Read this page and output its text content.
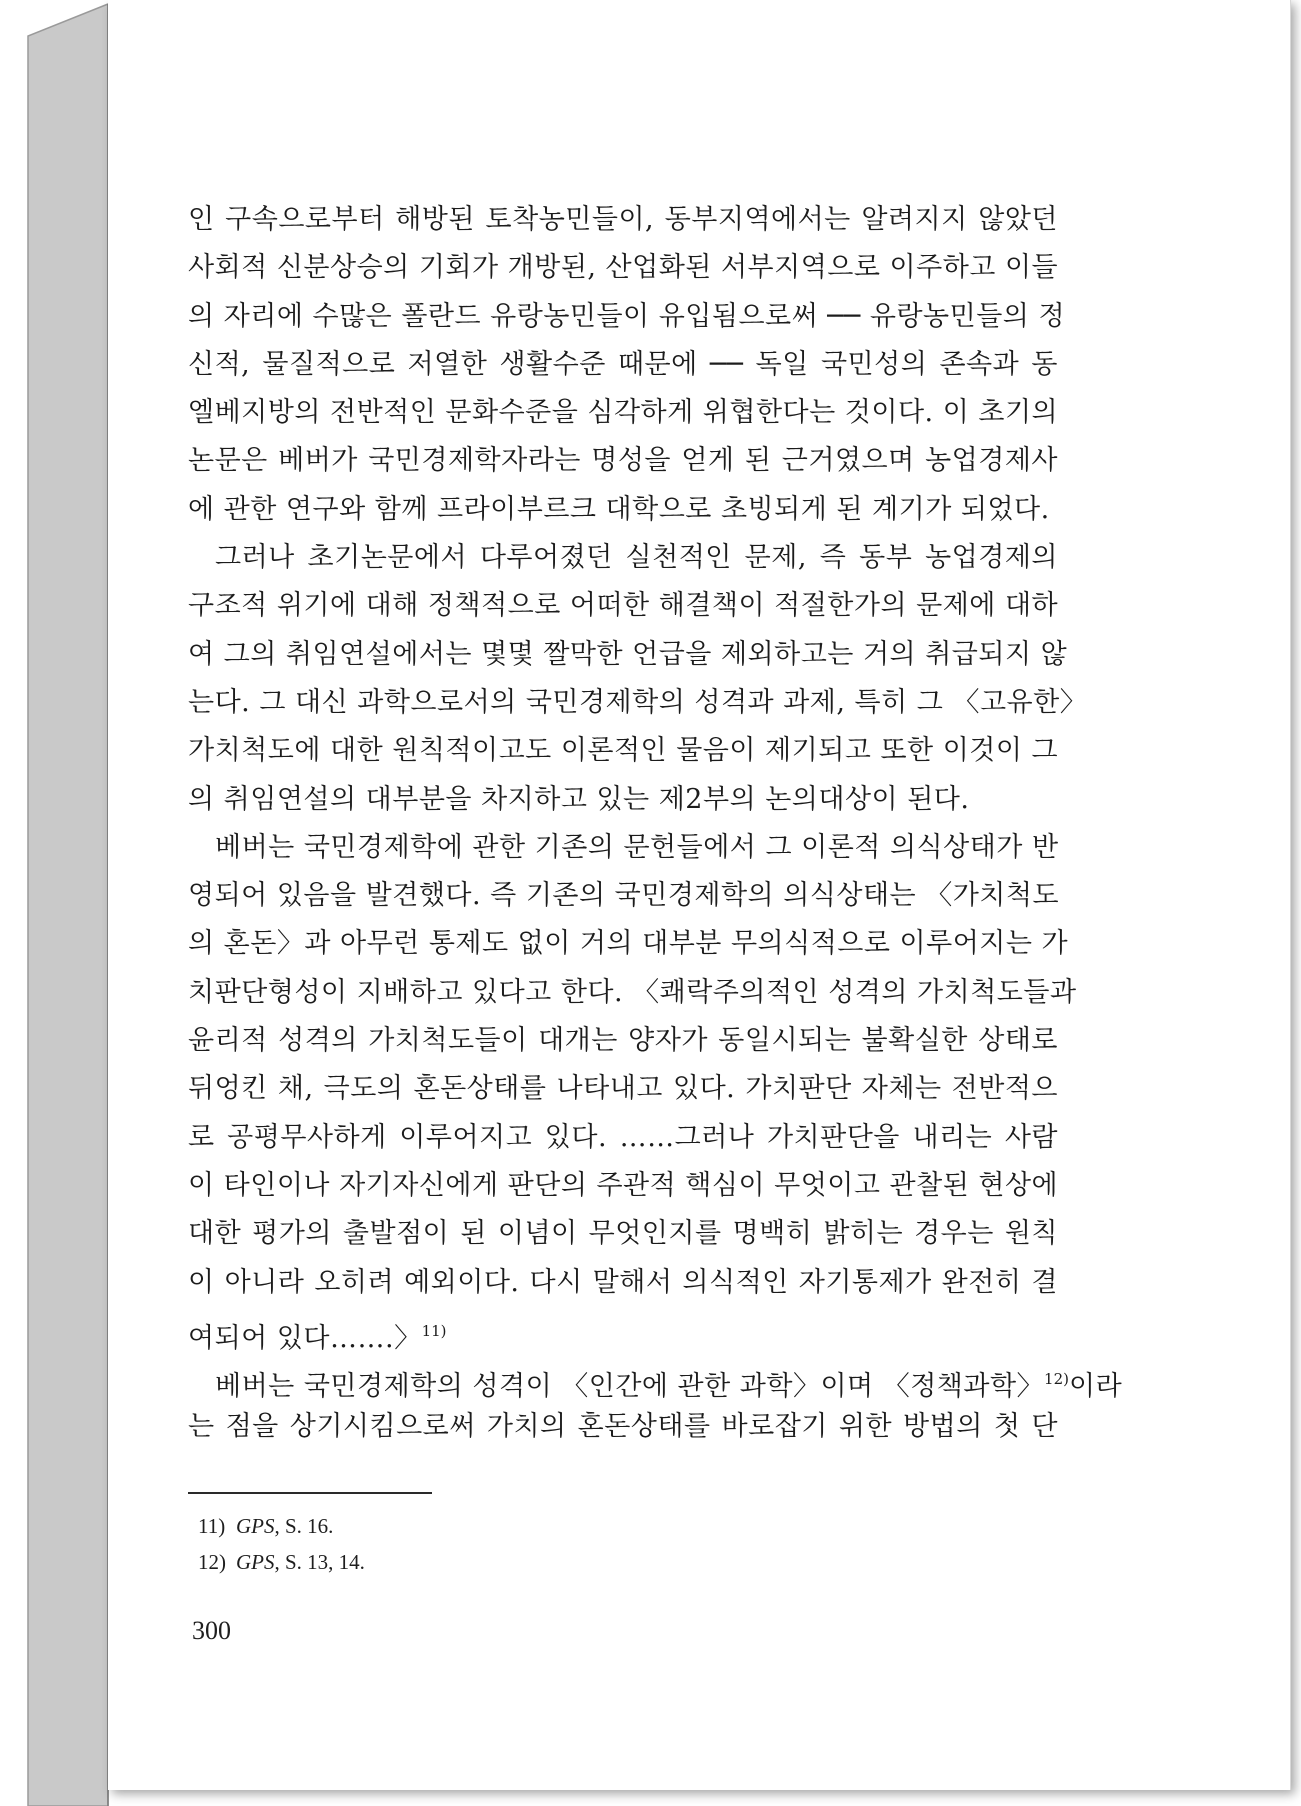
인 구속으로부터 해방된 토착농민들이, 동부지역에서는 알려지지 않았던
사회적 신분상승의 기회가 개방된, 산업화된 서부지역으로 이주하고 이들
의 자리에 수많은 폴란드 유랑농민들이 유입됨으로써 ── 유랑농민들의 정
신적, 물질적으로 저열한 생활수준 때문에 ── 독일 국민성의 존속과 동
엘베지방의 전반적인 문화수준을 심각하게 위협한다는 것이다. 이 초기의
논문은 베버가 국민경제학자라는 명성을 얻게 된 근거였으며 농업경제사
에 관한 연구와 함께 프라이부르크 대학으로 초빙되게 된 계기가 되었다.
그러나 초기논문에서 다루어졌던 실천적인 문제, 즉 동부 농업경제의
구조적 위기에 대해 정책적으로 어떠한 해결책이 적절한가의 문제에 대하
여 그의 취임연설에서는 몇몇 짤막한 언급을 제외하고는 거의 취급되지 않
는다. 그 대신 과학으로서의 국민경제학의 성격과 과제, 특히 그 〈고유한〉
가치척도에 대한 원칙적이고도 이론적인 물음이 제기되고 또한 이것이 그
의 취임연설의 대부분을 차지하고 있는 제2부의 논의대상이 된다.
베버는 국민경제학에 관한 기존의 문헌들에서 그 이론적 의식상태가 반
영되어 있음을 발견했다. 즉 기존의 국민경제학의 의식상태는 〈가치척도
의 혼돈〉과 아무런 통제도 없이 거의 대부분 무의식적으로 이루어지는 가
치판단형성이 지배하고 있다고 한다. 〈쾌락주의적인 성격의 가치척도들과
윤리적 성격의 가치척도들이 대개는 양자가 동일시되는 불확실한 상태로
뒤엉킨 채, 극도의 혼돈상태를 나타내고 있다. 가치판단 자체는 전반적으
로 공평무사하게 이루어지고 있다. ……그러나 가치판단을 내리는 사람
이 타인이나 자기자신에게 판단의 주관적 핵심이 무엇이고 관찰된 현상에
대한 평가의 출발점이 된 이념이 무엇인지를 명백히 밝히는 경우는 원칙
이 아니라 오히려 예외이다. 다시 말해서 의식적인 자기통제가 완전히 결
여되어 있다…….〉$^{11)}$
베버는 국민경제학의 성격이 〈인간에 관한 과학〉이며 〈정책과학〉$^{12)}$이라
는 점을 상기시킴으로써 가치의 혼돈상태를 바로잡기 위한 방법의 첫 단
11) GPS, S. 16.
12) GPS, S. 13, 14.
300
